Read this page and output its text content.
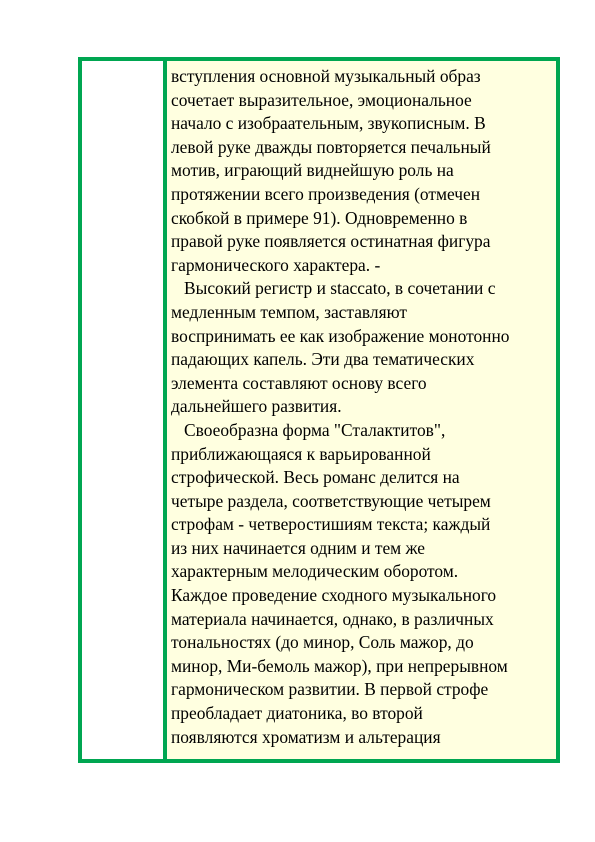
вступления основной музыкальный образ
сочетает выразительное, эмоциональное
начало с изобраательным, звукописным. В
левой руке дважды повторяется печальный
мотив, играющий виднейшую роль на
протяжении всего произведения (отмечен
скобкой в примере 91). Одновременно в
правой руке появляется остинатная фигура
гармонического характера. -
Высокий регистр и staccato, в сочетании с
медленным темпом, заставляют
воспринимать ее как изображение монотонно
падающих капель. Эти два тематических
элемента составляют основу всего
дальнейшего развития.
Своеобразна форма "Сталактитов",
приближающаяся к варьированной
строфической. Весь романс делится на
четыре раздела, соответствующие четырем
строфам - четверостишиям текста; каждый
из них начинается одним и тем же
характерным мелодическим оборотом.
Каждое проведение сходного музыкального
материала начинается, однако, в различных
тональностях (до минор, Соль мажор, до
минор, Ми-бемоль мажор), при непрерывном
гармоническом развитии. В первой строфе
преобладает диатоника, во второй
появляются хроматизм и альтерация
